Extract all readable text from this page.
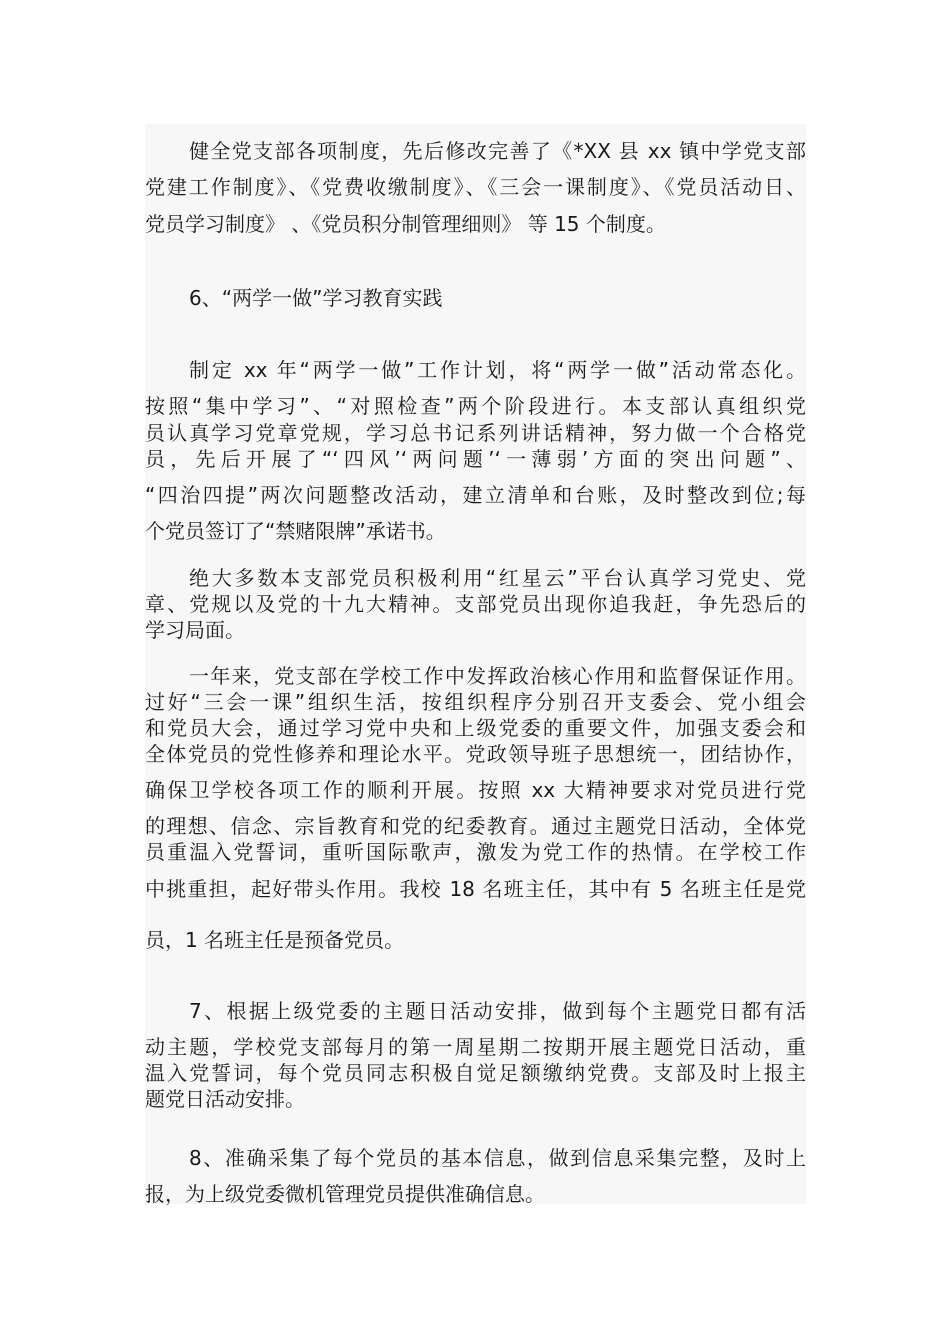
健全党支部各项制度，先后修改完善了《*XX 县 xx 镇中学党支部

党建工作制度》、《党费收缴制度》、《三会一课制度》、《党员活动日、

党员学习制度》 、《党员积分制管理细则》 等 15 个制度。

6、“两学一做”学习教育实践

制定 xx 年“两学一做”工作计划，将“两学一做”活动常态化。

按照“集中学习”、“对照检查”两个阶段进行。本支部认真组织党

员认真学习党章党规，学习总书记系列讲话精神，努力做一个合格党

员，先后开展了“‘四风’‘两问题’‘一薄弱’方面的突出问题”、

“四治四提”两次问题整改活动，建立清单和台账，及时整改到位;每

个党员签订了“禁赌限牌”承诺书。

绝大多数本支部党员积极利用“红星云”平台认真学习党史、党

章、党规以及党的十九大精神。支部党员出现你追我赶，争先恐后的

学习局面。

一年来，党支部在学校工作中发挥政治核心作用和监督保证作用。

过好“三会一课”组织生活，按组织程序分别召开支委会、党小组会

和党员大会，通过学习党中央和上级党委的重要文件，加强支委会和

全体党员的党性修养和理论水平。党政领导班子思想统一，团结协作，

确保卫学校各项工作的顺利开展。按照 xx 大精神要求对党员进行党

的理想、信念、宗旨教育和党的纪委教育。通过主题党日活动，全体党

员重温入党誓词，重听国际歌声，激发为党工作的热情。在学校工作

中挑重担，起好带头作用。我校 18 名班主任，其中有 5 名班主任是党

员，1 名班主任是预备党员。

7、根据上级党委的主题日活动安排，做到每个主题党日都有活

动主题，学校党支部每月的第一周星期二按期开展主题党日活动，重

温入党誓词，每个党员同志积极自觉足额缴纳党费。支部及时上报主

题党日活动安排。

8、准确采集了每个党员的基本信息，做到信息采集完整，及时上

报，为上级党委微机管理党员提供准确信息。
